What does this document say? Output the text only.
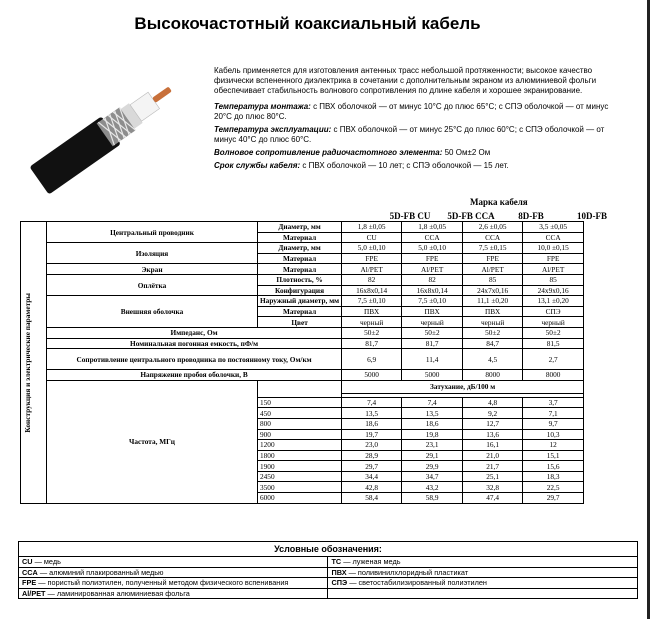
Высокочастотный коаксиальный кабель

Кабель применяется для изготовления антенных трасс небольшой протяженности; высокое качество физически вспененного диэлектрика в сочетании с дополнительным экраном из алюминиевой фольги обеспечивает стабильность волнового сопротивления по длине кабеля и хорошее экранирование.

Температура монтажа: с ПВХ оболочкой — от минус 10°С до плюс 65°С; с СПЭ оболочкой — от минус 20°С до плюс 80°С.
Температура эксплуатации: с ПВХ оболочкой — от минус 25°С до плюс 60°С; с СПЭ оболочкой — от минус 40°С до плюс 60°С.
Волновое сопротивление радиочастотного элемента: 50 Ом±2 Ом
Срок службы кабеля: с ПВХ оболочкой — 10 лет; с СПЭ оболочкой — 15 лет.
Марка кабеля
5D-FB CU	5D-FB CCA	8D-FB	10D-FB
Конструкция и электрические параметры	Центральный проводник	Диаметр, мм	1,8 ±0,05	1,8 ±0,05	2,6 ±0,05	3,5 ±0,05
		Материал	CU	CCA	CCA	CCA
	Изоляция	Диаметр, мм	5,0 ±0,10	5,0 ±0,10	7,5 ±0,15	10,0 ±0,15
		Материал	FPE	FPE	FPE	FPE
	Экран	Материал	Al/PET	Al/PET	Al/PET	Al/PET
	Оплётка	Плотность, %	82	82	85	85
		Конфигурация	16x8x0,14	16x8x0,14	24x7x0,16	24x9x0,16
	Внешняя оболочка	Наружный диаметр, мм	7,5 ±0,10	7,5 ±0,10	11,1 ±0,20	13,1 ±0,20
		Материал	ПВХ	ПВХ	ПВХ	СПЭ
		Цвет	черный	черный	черный	черный
	Импеданс, Ом		50±2	50±2	50±2	50±2
	Номинальная погонная емкость, пФ/м		81,7	81,7	84,7	81,5
	Сопротивление центрального проводника по постоянному току, Ом/км		6,9	11,4	4,5	2,7
	Напряжение пробоя оболочки, В		5000	5000	8000	8000
	Частота, МГц		Затухание, дБ/100 м			

		150	7,4	7,4	4,8	3,7
		450	13,5	13,5	9,2	7,1
		800	18,6	18,6	12,7	9,7
		900	19,7	19,8	13,6	10,3
		1200	23,0	23,1	16,1	12
		1800	28,9	29,1	21,0	15,1
		1900	29,7	29,9	21,7	15,6
		2450	34,4	34,7	25,1	18,3
		3500	42,8	43,2	32,8	22,5
		6000	58,4	58,9	47,4	29,7
Условные обозначения:	
CU — медь	TC — луженая медь
CCA — алюминий плакированный медью	ПВХ — поливинилхлоридный пластикат
FPE — пористый полиэтилен, полученный методом физического вспенивания	СПЭ — светостабилизированный полиэтилен
Al/PET — ламинированная алюминиевая фольга	
